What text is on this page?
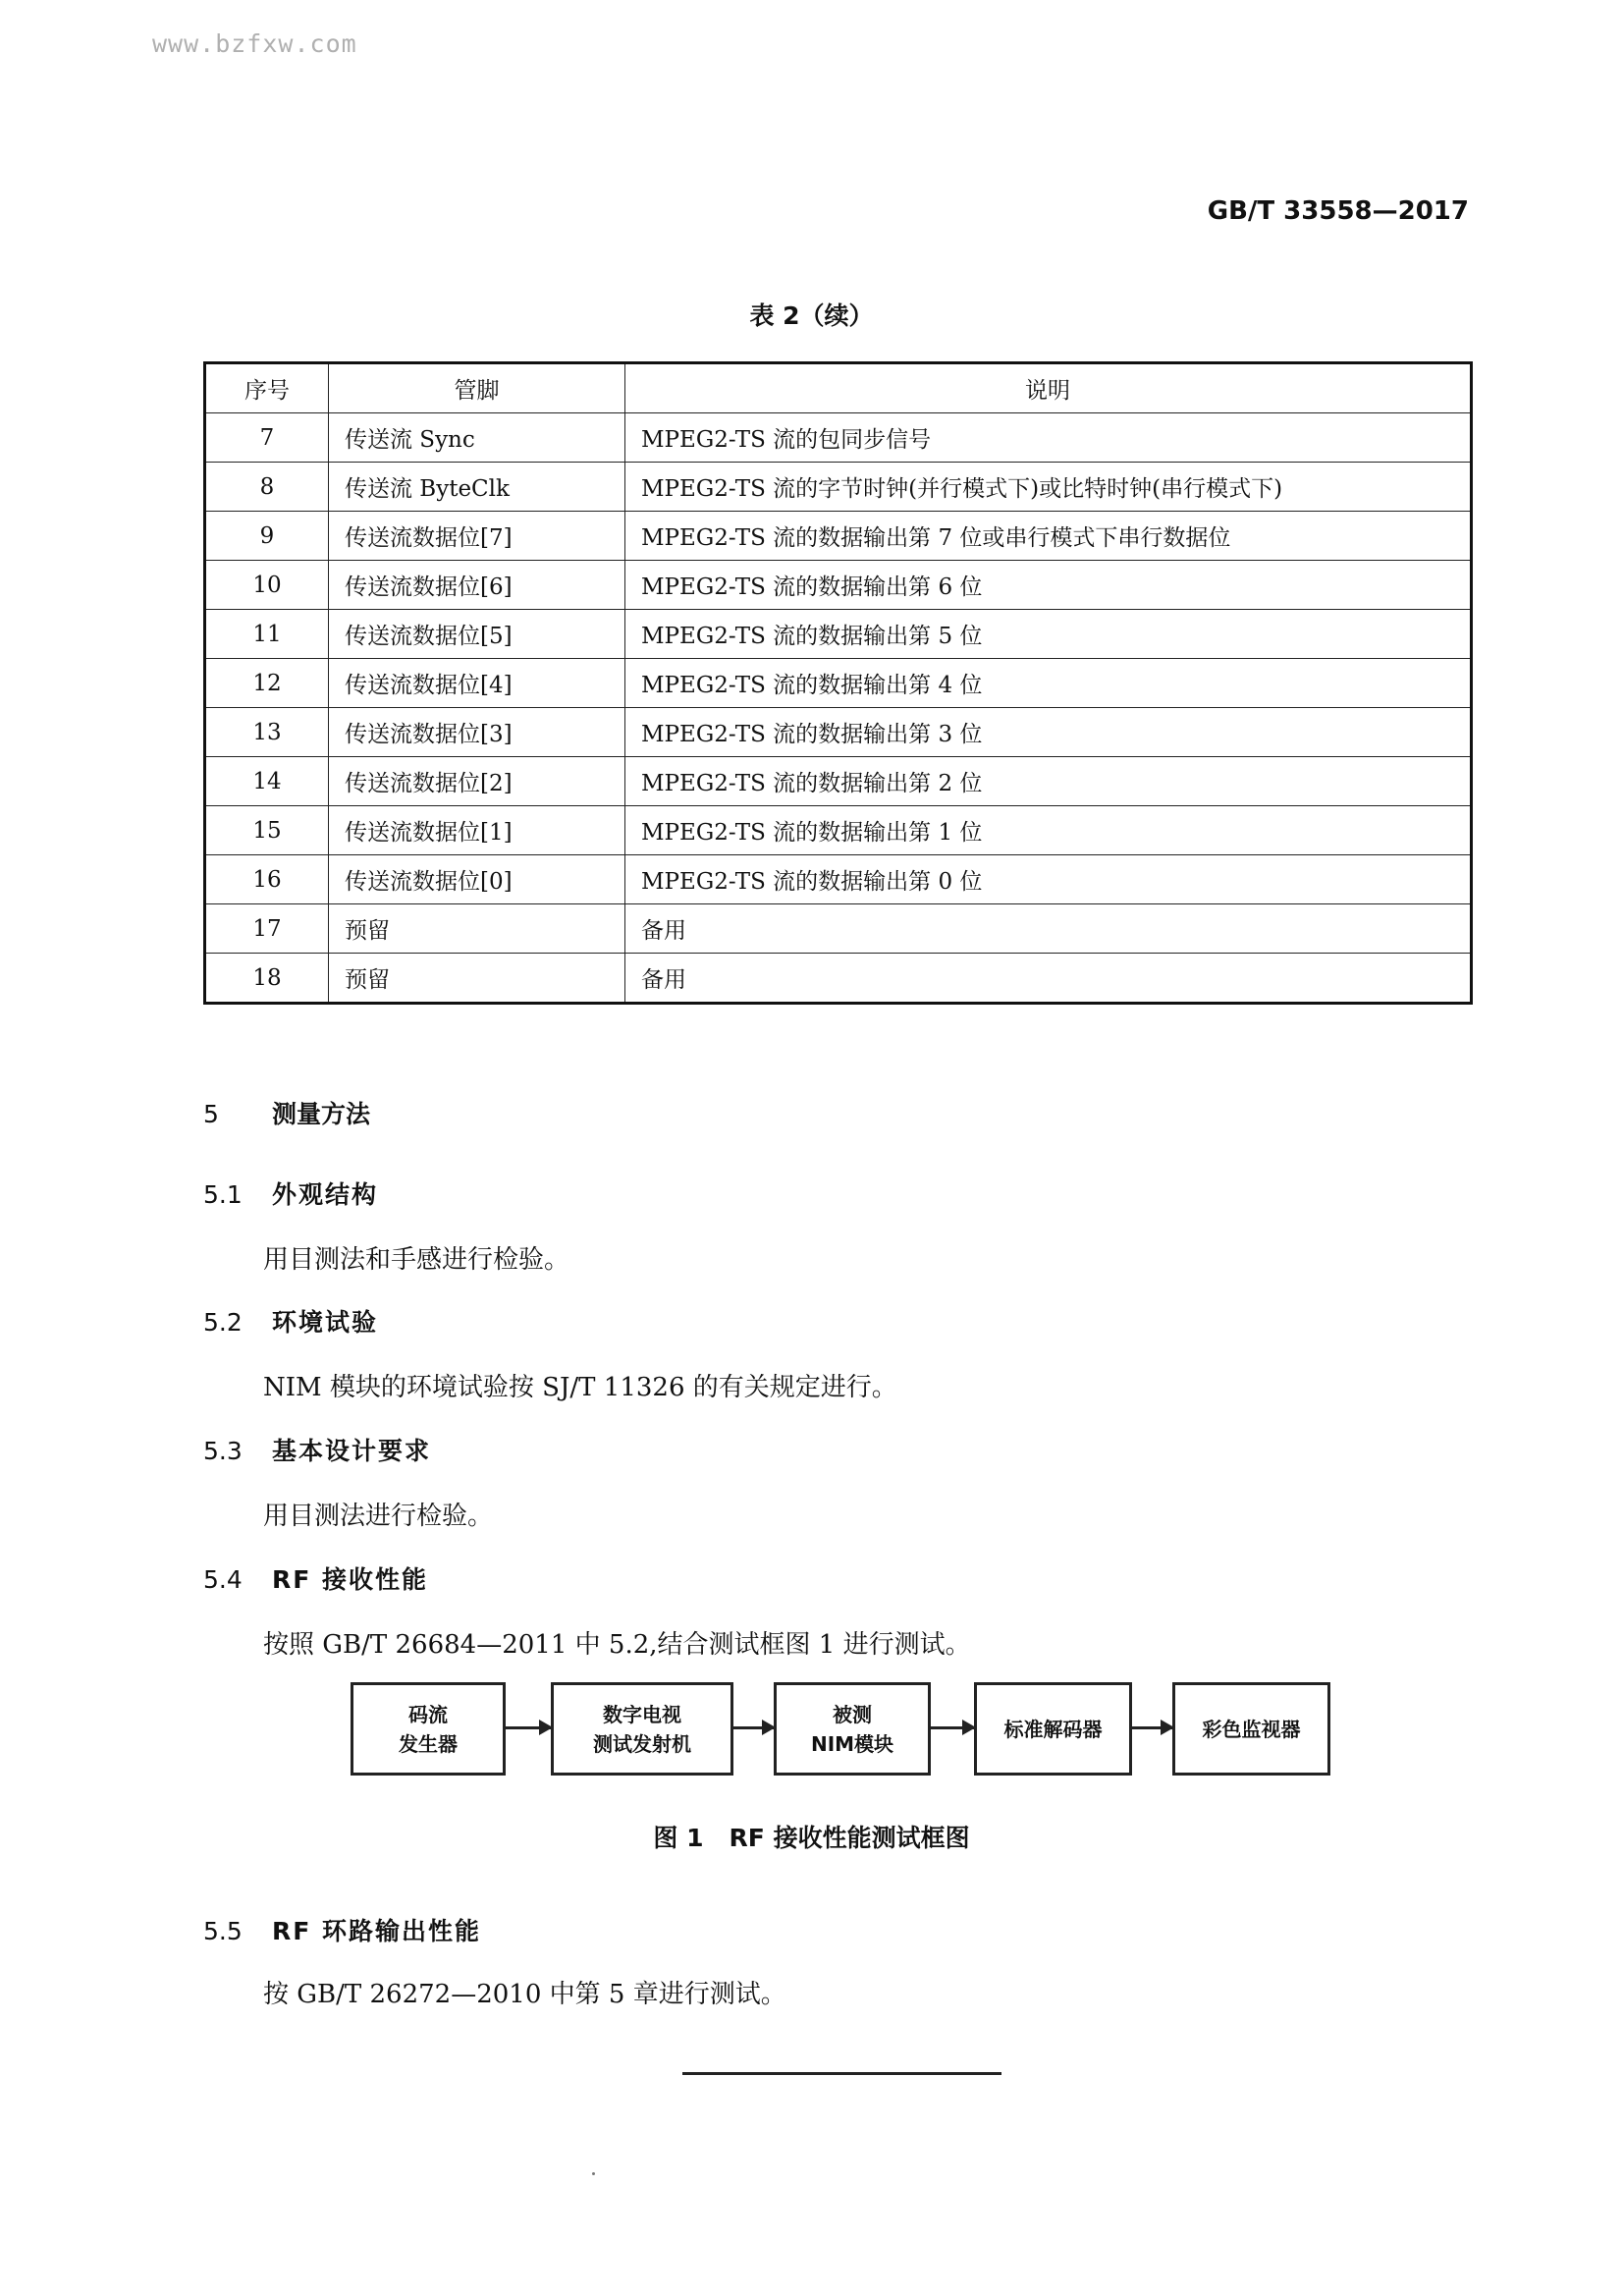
www.bzfxw.com
GB/T 33558—2017
表 2（续）
序号	管脚	说明
7	传送流 Sync	MPEG2-TS 流的包同步信号
8	传送流 ByteClk	MPEG2-TS 流的字节时钟(并行模式下)或比特时钟(串行模式下)
9	传送流数据位[7]	MPEG2-TS 流的数据输出第 7 位或串行模式下串行数据位
10	传送流数据位[6]	MPEG2-TS 流的数据输出第 6 位
11	传送流数据位[5]	MPEG2-TS 流的数据输出第 5 位
12	传送流数据位[4]	MPEG2-TS 流的数据输出第 4 位
13	传送流数据位[3]	MPEG2-TS 流的数据输出第 3 位
14	传送流数据位[2]	MPEG2-TS 流的数据输出第 2 位
15	传送流数据位[1]	MPEG2-TS 流的数据输出第 1 位
16	传送流数据位[0]	MPEG2-TS 流的数据输出第 0 位
17	预留	备用
18	预留	备用
5 测量方法
5.1 外观结构
用目测法和手感进行检验。
5.2 环境试验
NIM 模块的环境试验按 SJ/T 11326 的有关规定进行。
5.3 基本设计要求
用目测法进行检验。
5.4 RF 接收性能
按照 GB/T 26684—2011 中 5.2,结合测试框图 1 进行测试。
码流
发生器
数字电视
测试发射机
被测
NIM模块
标准解码器	彩色监视器
图 1 RF 接收性能测试框图
5.5 RF 环路输出性能
按 GB/T 26272—2010 中第 5 章进行测试。
